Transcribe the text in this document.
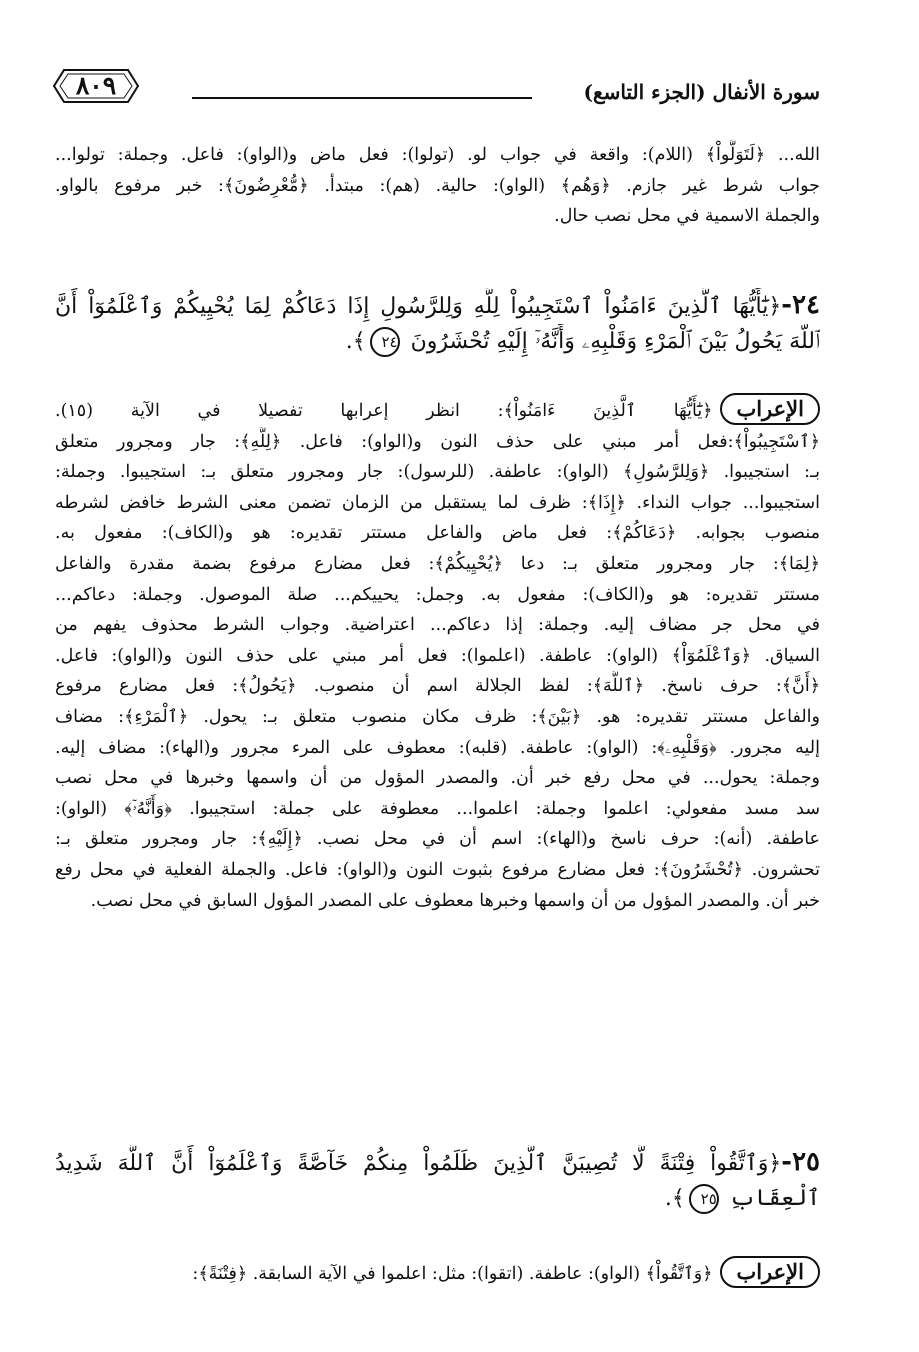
٨٠٩	سورة الأنفال (الجزء التاسع)
الله... ﴿لَتَوَلَّواْ﴾ (اللام): واقعة في جواب لو. (تولوا): فعل ماض و(الواو): فاعل. وجملة: تولوا...
جواب شرط غير جازم. ﴿وَهُم﴾ (الواو): حالية. (هم): مبتدأ. ﴿مُّعْرِضُونَ﴾: خبر مرفوع بالواو.
والجملة الاسمية في محل نصب حال.
٢٤-﴿يَٰٓأَيُّهَا ٱلَّذِينَ ءَامَنُواْ ٱسْتَجِيبُواْ لِلَّهِ وَلِلرَّسُولِ إِذَا دَعَاكُمْ لِمَا يُحْيِيكُمْ وَٱعْلَمُوٓاْ أَنَّ
ٱللَّهَ يَحُولُ بَيْنَ ٱلْمَرْءِ وَقَلْبِهِۦ وَأَنَّهُۥٓ إِلَيْهِ تُحْشَرُونَ ٢٤﴾.
الإعراب﴿يَٰٓأَيُّهَا ٱلَّذِينَ ءَامَنُواْ﴾: انظر إعرابها تفصيلا في الآية (١٥).
﴿ٱسْتَجِيبُواْ﴾:فعل أمر مبني على حذف النون و(الواو): فاعل. ﴿لِلَّهِ﴾: جار ومجرور متعلق
بـ: استجيبوا. ﴿وَلِلرَّسُولِ﴾ (الواو): عاطفة. (للرسول): جار ومجرور متعلق بـ: استجيبوا. وجملة:
استجيبوا... جواب النداء. ﴿إِذَا﴾: ظرف لما يستقبل من الزمان تضمن معنى الشرط خافض لشرطه
منصوب بجوابه. ﴿دَعَاكُمْ﴾: فعل ماض والفاعل مستتر تقديره: هو و(الكاف): مفعول به.
﴿لِمَا﴾: جار ومجرور متعلق بـ: دعا ﴿يُحْيِيكُمْ﴾: فعل مضارع مرفوع بضمة مقدرة والفاعل
مستتر تقديره: هو و(الكاف): مفعول به. وجمل: يحييكم... صلة الموصول. وجملة: دعاكم...
في محل جر مضاف إليه. وجملة: إذا دعاكم... اعتراضية. وجواب الشرط محذوف يفهم من
السياق. ﴿وَٱعْلَمُوٓاْ﴾ (الواو): عاطفة. (اعلموا): فعل أمر مبني على حذف النون و(الواو): فاعل.
﴿أَنَّ﴾: حرف ناسخ. ﴿ٱللَّهَ﴾: لفظ الجلالة اسم أن منصوب. ﴿يَحُولُ﴾: فعل مضارع مرفوع
والفاعل مستتر تقديره: هو. ﴿بَيْنَ﴾: ظرف مكان منصوب متعلق بـ: يحول. ﴿ٱلْمَرْءِ﴾: مضاف
إليه مجرور. ﴿وَقَلْبِهِۦ﴾: (الواو): عاطفة. (قلبه): معطوف على المرء مجرور و(الهاء): مضاف إليه.
وجملة: يحول... في محل رفع خبر أن. والمصدر المؤول من أن واسمها وخبرها في محل نصب
سد مسد مفعولي: اعلموا وجملة: اعلموا... معطوفة على جملة: استجيبوا. ﴿وَأَنَّهُۥٓ﴾ (الواو):
عاطفة. (أنه): حرف ناسخ و(الهاء): اسم أن في محل نصب. ﴿إِلَيْهِ﴾: جار ومجرور متعلق بـ:
تحشرون. ﴿تُحْشَرُونَ﴾: فعل مضارع مرفوع بثبوت النون و(الواو): فاعل. والجملة الفعلية في محل رفع
خبر أن. والمصدر المؤول من أن واسمها وخبرها معطوف على المصدر المؤول السابق في محل نصب.
٢٥-﴿وَٱتَّقُواْ فِتْنَةً لَّا تُصِيبَنَّ ٱلَّذِينَ ظَلَمُواْ مِنكُمْ خَآصَّةً وَٱعْلَمُوٓاْ أَنَّ ٱللَّهَ شَدِيدُ
ٱلْعِقَابِ ٢٥﴾.
الإعراب﴿وَٱتَّقُواْ﴾ (الواو): عاطفة. (اتقوا): مثل: اعلموا في الآية السابقة. ﴿فِتْنَةً﴾:
